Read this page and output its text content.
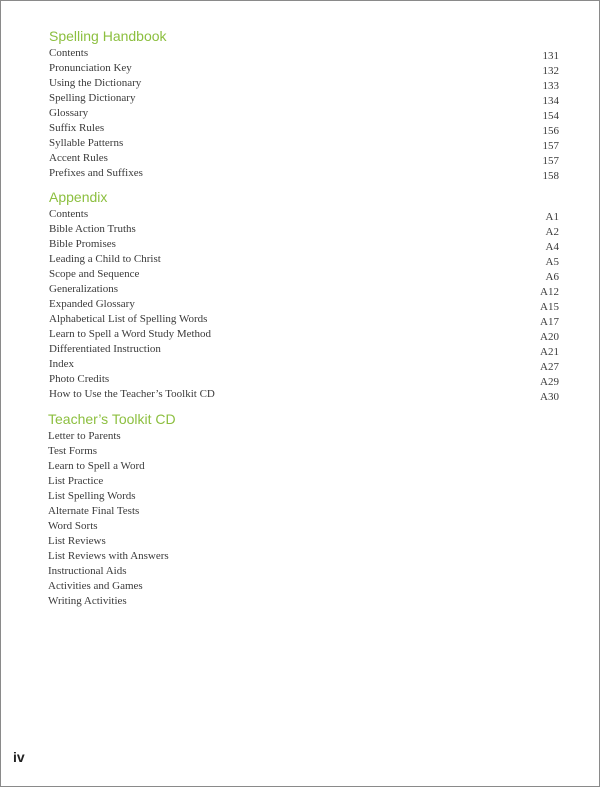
Spelling Handbook
Contents	131
Pronunciation Key	132
Using the Dictionary	133
Spelling Dictionary	134
Glossary	154
Suffix Rules	156
Syllable Patterns	157
Accent Rules	157
Prefixes and Suffixes	158
Appendix
Contents	A1
Bible Action Truths	A2
Bible Promises	A4
Leading a Child to Christ	A5
Scope and Sequence	A6
Generalizations	A12
Expanded Glossary	A15
Alphabetical List of Spelling Words	A17
Learn to Spell a Word Study Method	A20
Differentiated Instruction	A21
Index	A27
Photo Credits	A29
How to Use the Teacher’s Toolkit CD	A30
Teacher’s Toolkit CD
Letter to Parents
Test Forms
Learn to Spell a Word
List Practice
List Spelling Words
Alternate Final Tests
Word Sorts
List Reviews
List Reviews with Answers
Instructional Aids
Activities and Games
Writing Activities
iv
